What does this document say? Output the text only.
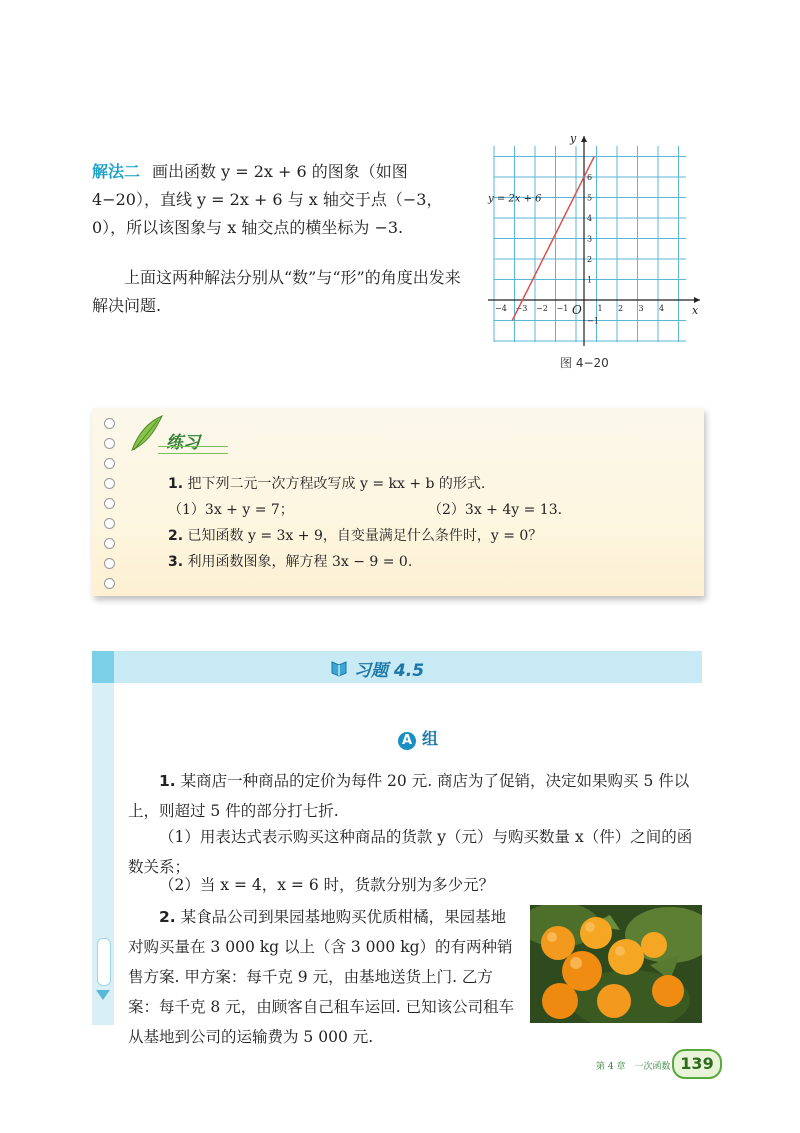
解法二 画出函数 y = 2x + 6 的图象（如图 4−20），直线 y = 2x + 6 与 x 轴交于点（−3，0），所以该图象与 x 轴交点的横坐标为 −3.
上面这两种解法分别从“数”与“形”的角度出发来解决问题.	x
y
O
−4 −3 −2 −1	1 2 3 4
6
5
4
3
2
1
−1
y = 2x + 6
图 4−20
练习
1. 把下列二元一次方程改写成 y = kx + b 的形式.
（1）3x + y = 7；	（2）3x + 4y = 13.
2. 已知函数 y = 3x + 9，自变量满足什么条件时，y = 0？
3. 利用函数图象，解方程 3x − 9 = 0.
习题 4.5
A 组
1. 某商店一种商品的定价为每件 20 元. 商店为了促销，决定如果购买 5 件以上，则超过 5 件的部分打七折.
（1）用表达式表示购买这种商品的货款 y（元）与购买数量 x（件）之间的函数关系；
（2）当 x = 4，x = 6 时，货款分别为多少元？
2. 某食品公司到果园基地购买优质柑橘，果园基地对购买量在 3 000 kg 以上（含 3 000 kg）的有两种销售方案. 甲方案：每千克 9 元，由基地送货上门. 乙方案：每千克 8 元，由顾客自己租车运回. 已知该公司租车从基地到公司的运输费为 5 000 元.
第 4 章　一次函数 139
